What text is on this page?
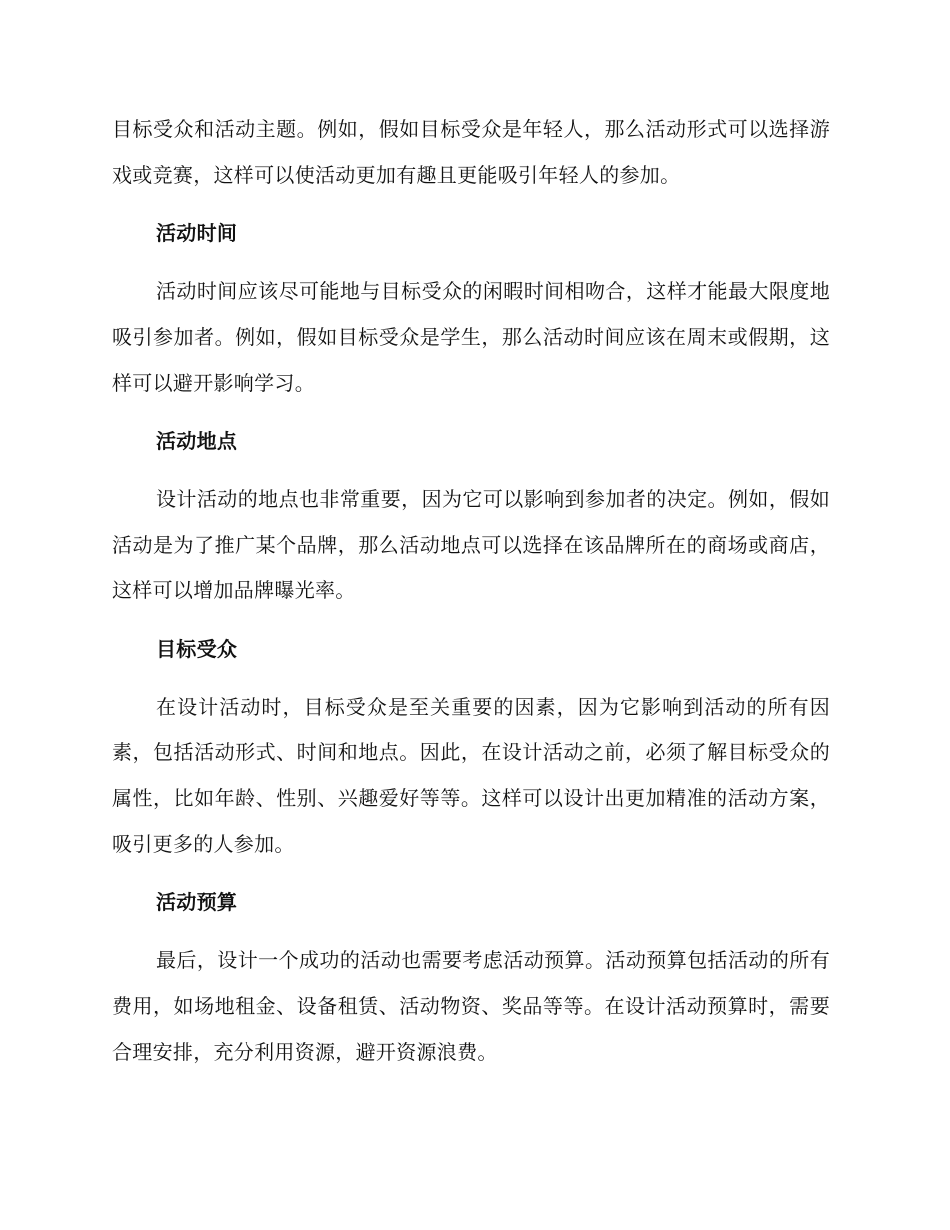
目标受众和活动主题。例如，假如目标受众是年轻人，那么活动形式可以选择游戏或竞赛，这样可以使活动更加有趣且更能吸引年轻人的参加。

活动时间

活动时间应该尽可能地与目标受众的闲暇时间相吻合，这样才能最大限度地吸引参加者。例如，假如目标受众是学生，那么活动时间应该在周末或假期，这样可以避开影响学习。

活动地点

设计活动的地点也非常重要，因为它可以影响到参加者的决定。例如，假如活动是为了推广某个品牌，那么活动地点可以选择在该品牌所在的商场或商店，这样可以增加品牌曝光率。

目标受众

在设计活动时，目标受众是至关重要的因素，因为它影响到活动的所有因素，包括活动形式、时间和地点。因此，在设计活动之前，必须了解目标受众的属性，比如年龄、性别、兴趣爱好等等。这样可以设计出更加精准的活动方案，吸引更多的人参加。

活动预算

最后，设计一个成功的活动也需要考虑活动预算。活动预算包括活动的所有费用，如场地租金、设备租赁、活动物资、奖品等等。在设计活动预算时，需要合理安排，充分利用资源，避开资源浪费。
